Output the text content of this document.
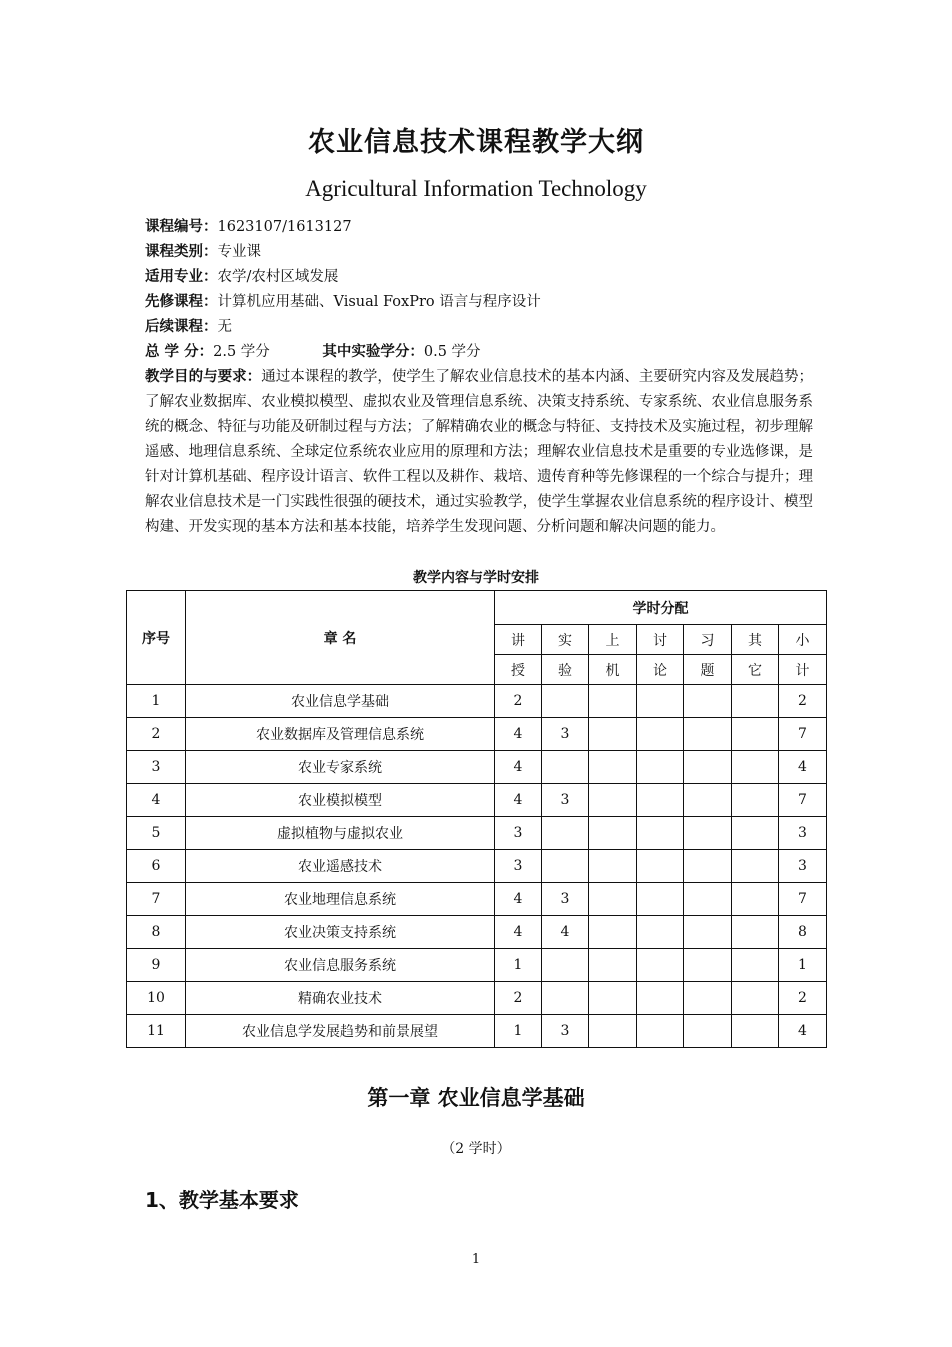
农业信息技术课程教学大纲
Agricultural Information Technology
课程编号：1623107/1613127
课程类别：专业课
适用专业：农学/农村区域发展
先修课程：计算机应用基础、Visual FoxPro 语言与程序设计
后续课程：无
总 学 分：2.5 学分	其中实验学分：0.5 学分
教学目的与要求：通过本课程的教学，使学生了解农业信息技术的基本内涵、主要研究内容及发展趋势；了解农业数据库、农业模拟模型、虚拟农业及管理信息系统、决策支持系统、专家系统、农业信息服务系统的概念、特征与功能及研制过程与方法；了解精确农业的概念与特征、支持技术及实施过程，初步理解遥感、地理信息系统、全球定位系统农业应用的原理和方法；理解农业信息技术是重要的专业选修课，是针对计算机基础、程序设计语言、软件工程以及耕作、栽培、遗传育种等先修课程的一个综合与提升；理解农业信息技术是一门实践性很强的硬技术，通过实验教学，使学生掌握农业信息系统的程序设计、模型构建、开发实现的基本方法和基本技能，培养学生发现问题、分析问题和解决问题的能力。
教学内容与学时安排
序号	章 名	学时分配						
		讲	实	上	讨	习	其	小
		授	验	机	论	题	它	计
1	农业信息学基础	2						2
2	农业数据库及管理信息系统	4	3					7
3	农业专家系统	4						4
4	农业模拟模型	4	3					7
5	虚拟植物与虚拟农业	3						3
6	农业遥感技术	3						3
7	农业地理信息系统	4	3					7
8	农业决策支持系统	4	4					8
9	农业信息服务系统	1						1
10	精确农业技术	2						2
11	农业信息学发展趋势和前景展望	1	3					4
第一章 农业信息学基础
（2 学时）
1、教学基本要求
1
